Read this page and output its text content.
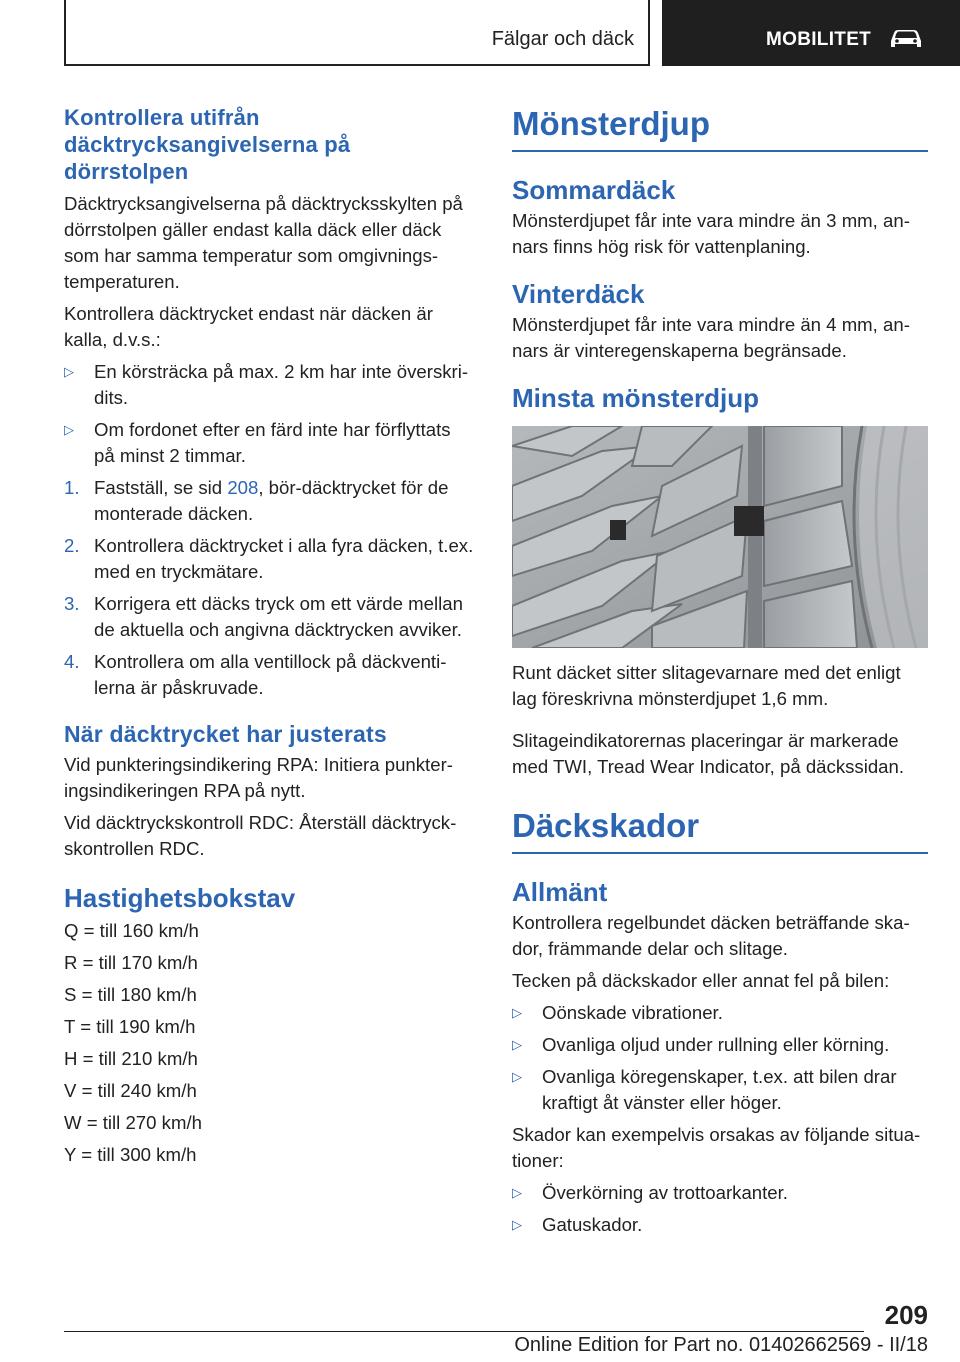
Fälgar och däck	MOBILITET
Kontrollera utifrån däcktrycksangivelserna på dörrstolpen
Däcktrycksangivelserna på däcktrycksskylten på dörrstolpen gäller endast kalla däck eller däck som har samma temperatur som omgivningstemperaturen.
Kontrollera däcktrycket endast när däcken är kalla, d.v.s.:
▷ En körsträcka på max. 2 km har inte överskridits.
▷ Om fordonet efter en färd inte har förflyttats på minst 2 timmar.
1. Fastställ, se sid 208, bör-däcktrycket för de monterade däcken.
2. Kontrollera däcktrycket i alla fyra däcken, t.ex. med en tryckmätare.
3. Korrigera ett däcks tryck om ett värde mellan de aktuella och angivna däcktrycken avviker.
4. Kontrollera om alla ventillock på däckventilerna är påskruvade.
När däcktrycket har justerats
Vid punkteringsindikering RPA: Initiera punkteringsindikeringen RPA på nytt.
Vid däcktryckskontroll RDC: Återställ däcktryckskontrollen RDC.
Hastighetsbokstav
Q = till 160 km/h
R = till 170 km/h
S = till 180 km/h
T = till 190 km/h
H = till 210 km/h
V = till 240 km/h
W = till 270 km/h
Y = till 300 km/h
Mönsterdjup
Sommardäck
Mönsterdjupet får inte vara mindre än 3 mm, annars finns hög risk för vattenplaning.
Vinterdäck
Mönsterdjupet får inte vara mindre än 4 mm, annars är vinteregenskaperna begränsade.
Minsta mönsterdjup
Runt däcket sitter slitagevarnare med det enligt lag föreskrivna mönsterdjupet 1,6 mm.
Slitageindikatorernas placeringar är markerade med TWI, Tread Wear Indicator, på däckssidan.
Däckskador
Allmänt
Kontrollera regelbundet däcken beträffande skador, främmande delar och slitage.
Tecken på däckskador eller annat fel på bilen:
▷ Oönskade vibrationer.
▷ Ovanliga oljud under rullning eller körning.
▷ Ovanliga köregenskaper, t.ex. att bilen drar kraftigt åt vänster eller höger.
Skador kan exempelvis orsakas av följande situationer:
▷ Överkörning av trottoarkanter.
▷ Gatuskador.
209
Online Edition for Part no. 01402662569 - II/18
